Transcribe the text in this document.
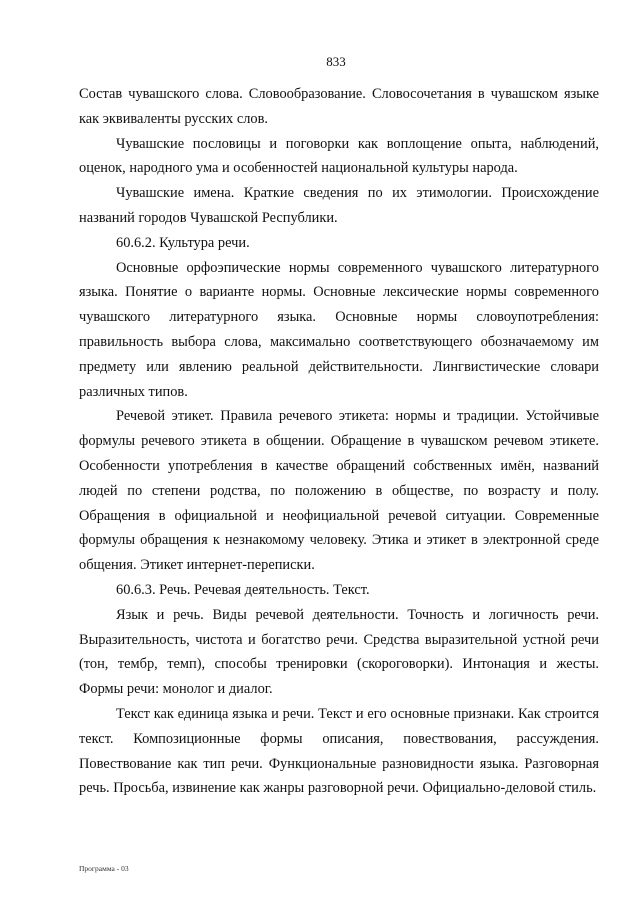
833

Состав чувашского слова. Словообразование. Словосочетания в чувашском языке как эквиваленты русских слов.

Чувашские пословицы и поговорки как воплощение опыта, наблюдений, оценок, народного ума и особенностей национальной культуры народа.

Чувашские имена. Краткие сведения по их этимологии. Происхождение названий городов Чувашской Республики.

60.6.2. Культура речи.

Основные орфоэпические нормы современного чувашского литературного языка. Понятие о варианте нормы. Основные лексические нормы современного чувашского литературного языка. Основные нормы словоупотребления: правильность выбора слова, максимально соответствующего обозначаемому им предмету или явлению реальной действительности. Лингвистические словари различных типов.

Речевой этикет. Правила речевого этикета: нормы и традиции. Устойчивые формулы речевого этикета в общении. Обращение в чувашском речевом этикете. Особенности употребления в качестве обращений собственных имён, названий людей по степени родства, по положению в обществе, по возрасту и полу. Обращения в официальной и неофициальной речевой ситуации. Современные формулы обращения к незнакомому человеку. Этика и этикет в электронной среде общения. Этикет интернет-переписки.

60.6.3. Речь. Речевая деятельность. Текст.

Язык и речь. Виды речевой деятельности. Точность и логичность речи. Выразительность, чистота и богатство речи. Средства выразительной устной речи (тон, тембр, темп), способы тренировки (скороговорки). Интонация и жесты. Формы речи: монолог и диалог.

Текст как единица языка и речи. Текст и его основные признаки. Как строится текст. Композиционные формы описания, повествования, рассуждения. Повествование как тип речи. Функциональные разновидности языка. Разговорная речь. Просьба, извинение как жанры разговорной речи. Официально-деловой стиль.

Программа - 03
